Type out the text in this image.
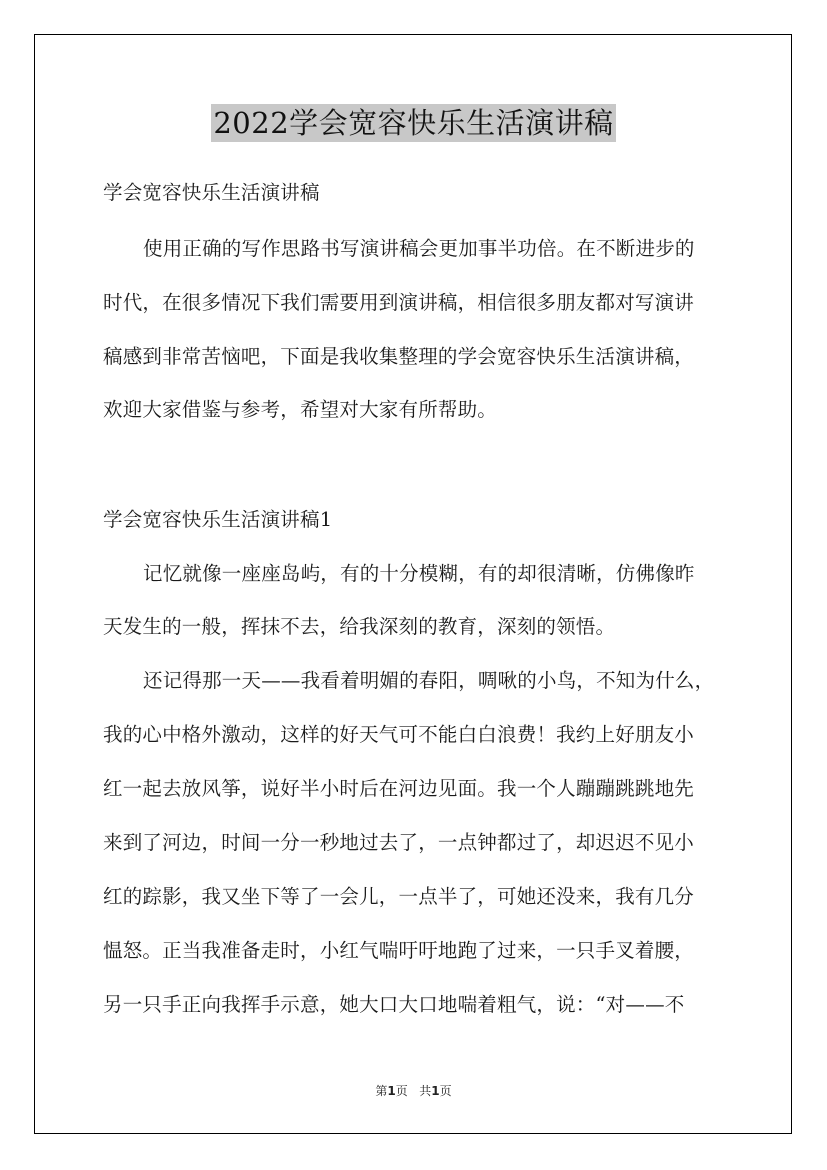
2022学会宽容快乐生活演讲稿
学会宽容快乐生活演讲稿
使用正确的写作思路书写演讲稿会更加事半功倍。在不断进步的
时代，在很多情况下我们需要用到演讲稿，相信很多朋友都对写演讲
稿感到非常苦恼吧，下面是我收集整理的学会宽容快乐生活演讲稿，
欢迎大家借鉴与参考，希望对大家有所帮助。
学会宽容快乐生活演讲稿1
记忆就像一座座岛屿，有的十分模糊，有的却很清晰，仿佛像昨
天发生的一般，挥抹不去，给我深刻的教育，深刻的领悟。
还记得那一天——我看着明媚的春阳，啁啾的小鸟，不知为什么，
我的心中格外激动，这样的好天气可不能白白浪费！我约上好朋友小
红一起去放风筝，说好半小时后在河边见面。我一个人蹦蹦跳跳地先
来到了河边，时间一分一秒地过去了，一点钟都过了，却迟迟不见小
红的踪影，我又坐下等了一会儿，一点半了，可她还没来，我有几分
愠怒。正当我准备走时，小红气喘吁吁地跑了过来，一只手叉着腰，
另一只手正向我挥手示意，她大口大口地喘着粗气，说：“对——不
第1页 共1页
